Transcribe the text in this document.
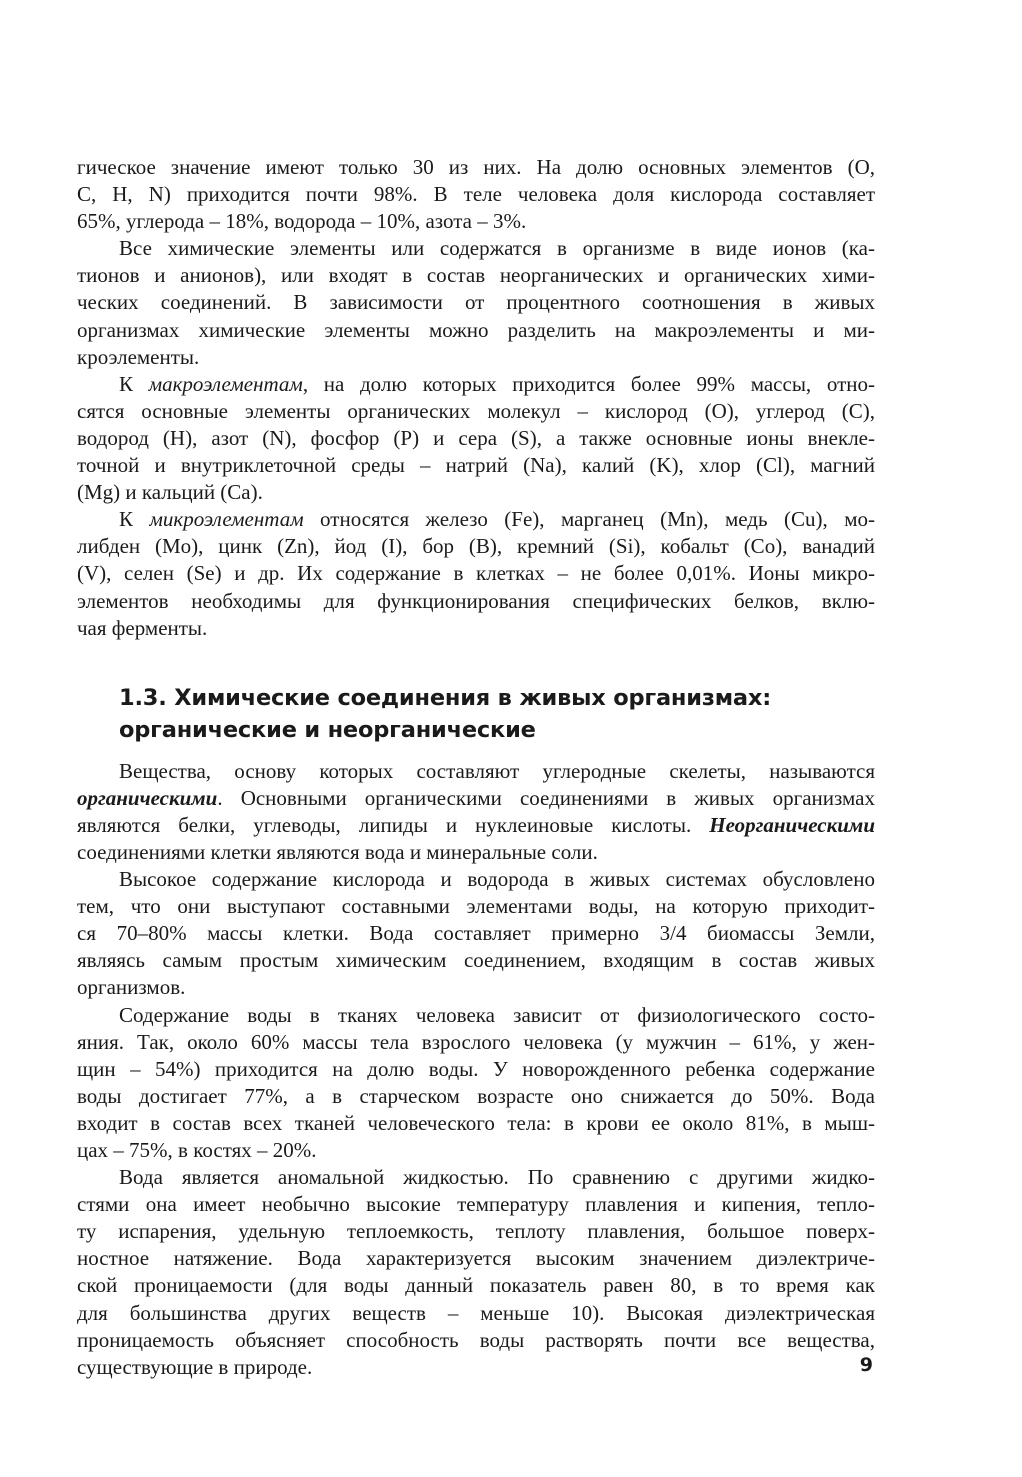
гическое значение имеют только 30 из них. На долю основных элементов (O,
C, H, N) приходится почти 98%. В теле человека доля кислорода составляет
65%, углерода – 18%, водорода – 10%, азота – 3%.
Все химические элементы или содержатся в организме в виде ионов (ка-
тионов и анионов), или входят в состав неорганических и органических хими-
ческих соединений. В зависимости от процентного соотношения в живых
организмах химические элементы можно разделить на макроэлементы и ми-
кроэлементы.
К макроэлементам, на долю которых приходится более 99% массы, отно-
сятся основные элементы органических молекул – кислород (O), углерод (C),
водород (H), азот (N), фосфор (P) и сера (S), а также основные ионы внекле-
точной и внутриклеточной среды – натрий (Na), калий (K), хлор (Cl), магний
(Mg) и кальций (Ca).
К микроэлементам относятся железо (Fe), марганец (Mn), медь (Cu), мо-
либден (Mo), цинк (Zn), йод (I), бор (B), кремний (Si), кобальт (Co), ванадий
(V), селен (Se) и др. Их содержание в клетках – не более 0,01%. Ионы микро-
элементов необходимы для функционирования специфических белков, вклю-
чая ферменты.
1.3. Химические соединения в живых организмах:
органические и неорганические
Вещества, основу которых составляют углеродные скелеты, называются
органическими. Основными органическими соединениями в живых организмах
являются белки, углеводы, липиды и нуклеиновые кислоты. Неорганическими
соединениями клетки являются вода и минеральные соли.
Высокое содержание кислорода и водорода в живых системах обусловлено
тем, что они выступают составными элементами воды, на которую приходит-
ся 70–80% массы клетки. Вода составляет примерно 3/4 биомассы Земли,
являясь самым простым химическим соединением, входящим в состав живых
организмов.
Содержание воды в тканях человека зависит от физиологического состо-
яния. Так, около 60% массы тела взрослого человека (у мужчин – 61%, у жен-
щин – 54%) приходится на долю воды. У новорожденного ребенка содержание
воды достигает 77%, а в старческом возрасте оно снижается до 50%. Вода
входит в состав всех тканей человеческого тела: в крови ее около 81%, в мыш-
цах – 75%, в костях – 20%.
Вода является аномальной жидкостью. По сравнению с другими жидко-
стями она имеет необычно высокие температуру плавления и кипения, тепло-
ту испарения, удельную теплоемкость, теплоту плавления, большое поверх-
ностное натяжение. Вода характеризуется высоким значением диэлектриче-
ской проницаемости (для воды данный показатель равен 80, в то время как
для большинства других веществ – меньше 10). Высокая диэлектрическая
проницаемость объясняет способность воды растворять почти все вещества,
существующие в природе.	9
